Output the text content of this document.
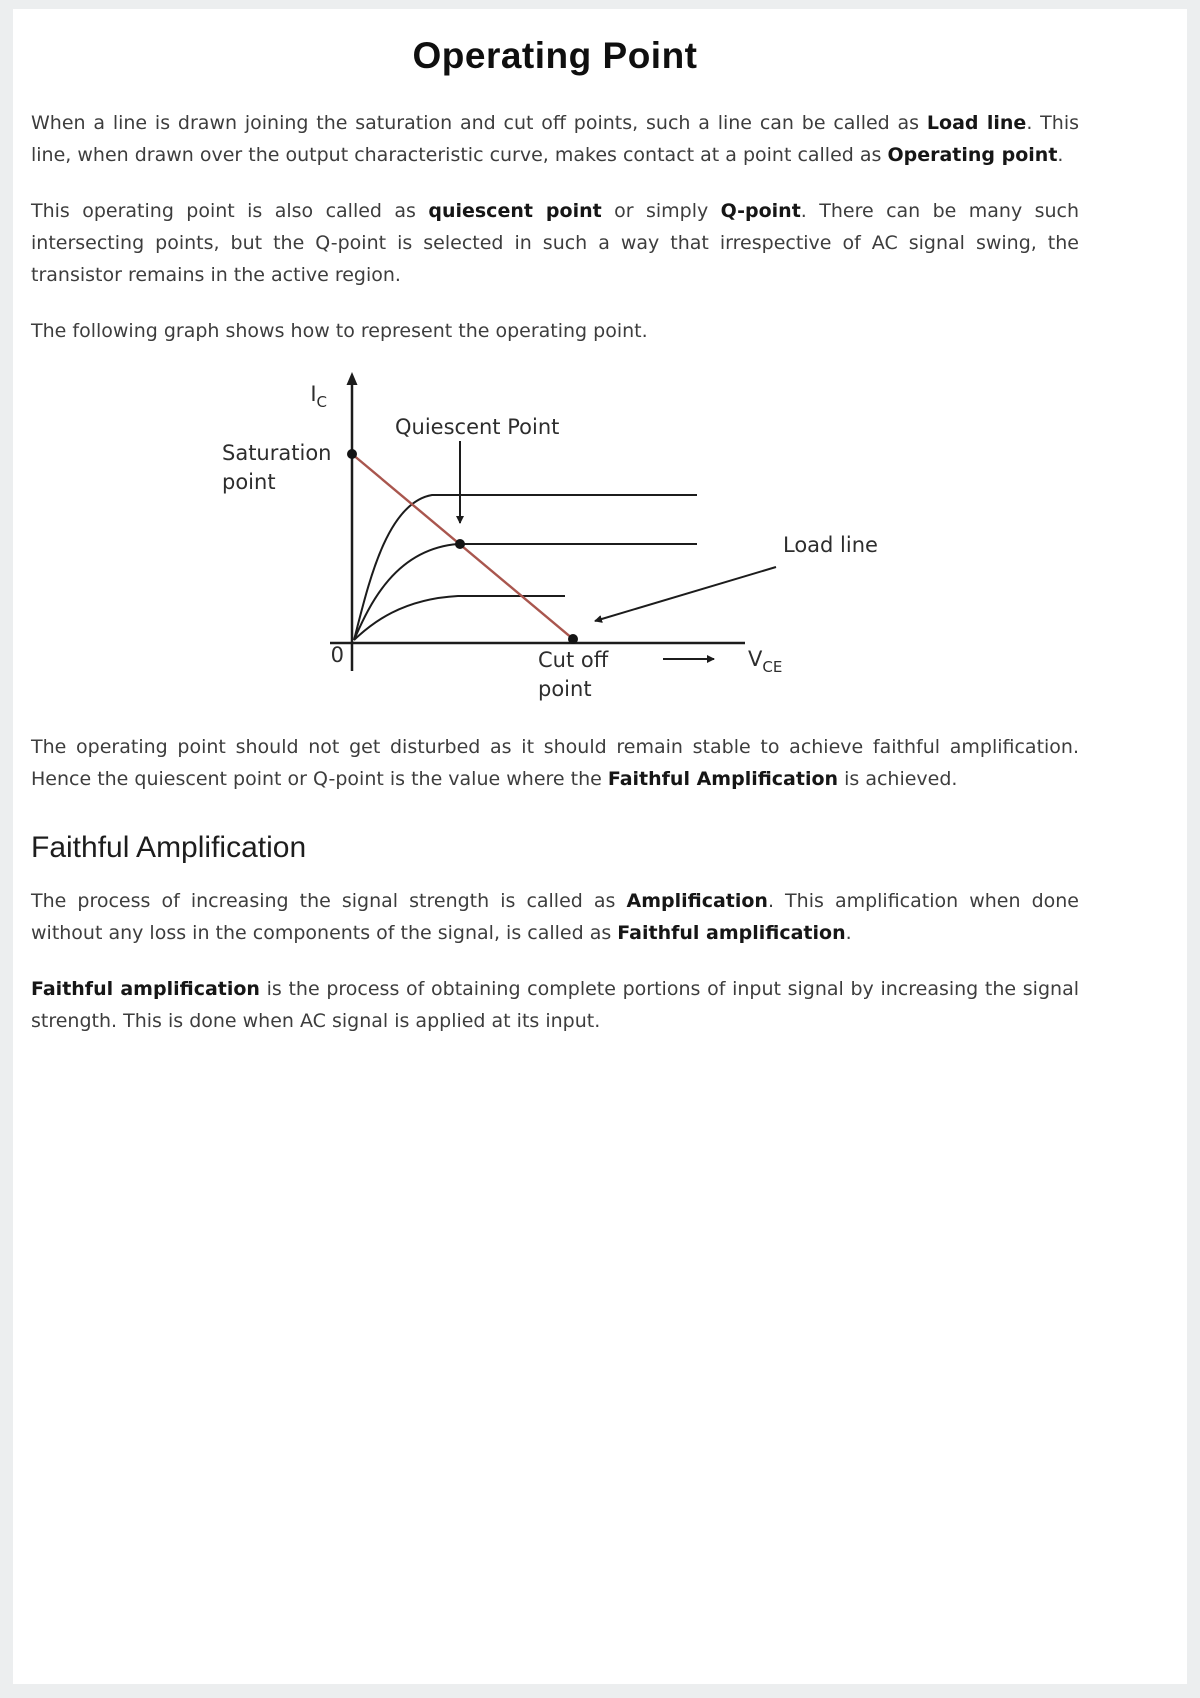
Operating Point

When a line is drawn joining the saturation and cut off points, such a line can be called as Load line. This line, when drawn over the output characteristic curve, makes contact at a point called as Operating point.

This operating point is also called as quiescent point or simply Q-point. There can be many such intersecting points, but the Q-point is selected in such a way that irrespective of AC signal swing, the transistor remains in the active region.

The following graph shows how to represent the operating point.

$I_C$
Saturation
point
Quiescent Point
Load line
Cut off
point
0	$V_{CE}$

The operating point should not get disturbed as it should remain stable to achieve faithful amplification. Hence the quiescent point or Q-point is the value where the Faithful Amplification is achieved.

Faithful Amplification

The process of increasing the signal strength is called as Amplification. This amplification when done without any loss in the components of the signal, is called as Faithful amplification.

Faithful amplification is the process of obtaining complete portions of input signal by increasing the signal strength. This is done when AC signal is applied at its input.
